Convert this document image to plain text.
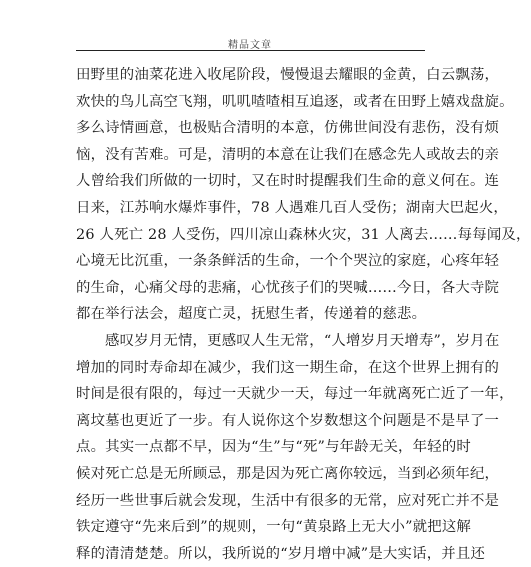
精品文章
田野里的油菜花进入收尾阶段，慢慢退去耀眼的金黄，白云飘荡，
欢快的鸟儿高空飞翔，叽叽喳喳相互追逐，或者在田野上嬉戏盘旋。
多么诗情画意，也极贴合清明的本意，仿佛世间没有悲伤，没有烦
恼，没有苦难。可是，清明的本意在让我们在感念先人或故去的亲
人曾给我们所做的一切时，又在时时提醒我们生命的意义何在。连
日来，江苏响水爆炸事件，78 人遇难几百人受伤；湖南大巴起火，
26 人死亡 28 人受伤，四川凉山森林火灾，31 人离去……每每闻及，
心境无比沉重，一条条鲜活的生命，一个个哭泣的家庭，心疼年轻
的生命，心痛父母的悲痛，心忧孩子们的哭喊……今日，各大寺院
都在举行法会，超度亡灵，抚慰生者，传递着的慈悲。
感叹岁月无情，更感叹人生无常，“人增岁月天增寿”，岁月在
增加的同时寿命却在减少，我们这一期生命，在这个世界上拥有的
时间是很有限的，每过一天就少一天，每过一年就离死亡近了一年，
离坟墓也更近了一步。有人说你这个岁数想这个问题是不是早了一
点。其实一点都不早，因为“生”与“死”与年龄无关，年轻的时
候对死亡总是无所顾忌，那是因为死亡离你较远，当到必须年纪，
经历一些世事后就会发现，生活中有很多的无常，应对死亡并不是
铁定遵守“先来后到”的规则，一句“黄泉路上无大小”就把这解
释的清清楚楚。所以，我所说的“岁月增中减”是大实话，并且还
